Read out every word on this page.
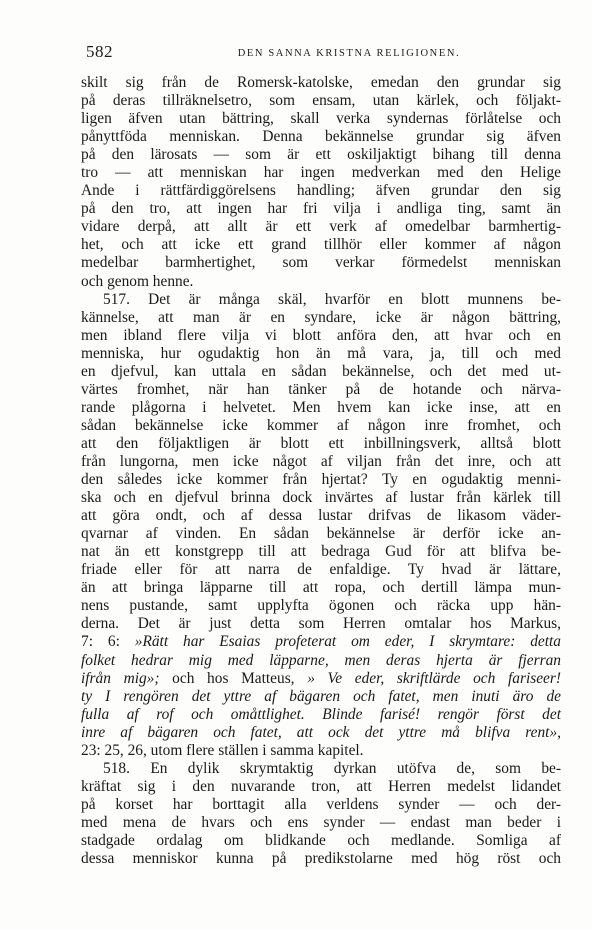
582	DEN SANNA KRISTNA RELIGIONEN.
skilt sig från de Romersk-katolske, emedan den grundar sig
på deras tillräknelsetro, som ensam, utan kärlek, och följakt-
ligen äfven utan bättring, skall verka syndernas förlåtelse och
pånyttföda menniskan. Denna bekännelse grundar sig äfven
på den lärosats — som är ett oskiljaktigt bihang till denna
tro — att menniskan har ingen medverkan med den Helige
Ande i rättfärdiggörelsens handling; äfven grundar den sig
på den tro, att ingen har fri vilja i andliga ting, samt än
vidare derpå, att allt är ett verk af omedelbar barmhertig-
het, och att icke ett grand tillhör eller kommer af någon
medelbar barmhertighet, som verkar förmedelst menniskan
och genom henne.
517. Det är många skäl, hvarför en blott munnens be-
kännelse, att man är en syndare, icke är någon bättring,
men ibland flere vilja vi blott anföra den, att hvar och en
menniska, hur ogudaktig hon än må vara, ja, till och med
en djefvul, kan uttala en sådan bekännelse, och det med ut-
värtes fromhet, när han tänker på de hotande och närva-
rande plågorna i helvetet. Men hvem kan icke inse, att en
sådan bekännelse icke kommer af någon inre fromhet, och
att den följaktligen är blott ett inbillningsverk, alltså blott
från lungorna, men icke något af viljan från det inre, och att
den således icke kommer från hjertat? Ty en ogudaktig menni-
ska och en djefvul brinna dock invärtes af lustar från kärlek till
att göra ondt, och af dessa lustar drifvas de likasom väder-
qvarnar af vinden. En sådan bekännelse är derför icke an-
nat än ett konstgrepp till att bedraga Gud för att blifva be-
friade eller för att narra de enfaldige. Ty hvad är lättare,
än att bringa läpparne till att ropa, och dertill lämpa mun-
nens pustande, samt upplyfta ögonen och räcka upp hän-
derna. Det är just detta som Herren omtalar hos Markus,
7: 6: »Rätt har Esaias profeterat om eder, I skrymtare: detta
folket hedrar mig med läpparne, men deras hjerta är fjerran
ifrån mig»; och hos Matteus, » Ve eder, skriftlärde och fariseer!
ty I rengören det yttre af bägaren och fatet, men inuti äro de
fulla af rof och omåttlighet. Blinde farisé! rengör först det
inre af bägaren och fatet, att ock det yttre må blifva rent»,
23: 25, 26, utom flere ställen i samma kapitel.
518. En dylik skrymtaktig dyrkan utöfva de, som be-
kräftat sig i den nuvarande tron, att Herren medelst lidandet
på korset har borttagit alla verldens synder — och der-
med mena de hvars och ens synder — endast man beder i
stadgade ordalag om blidkande och medlande. Somliga af
dessa menniskor kunna på predikstolarne med hög röst och
